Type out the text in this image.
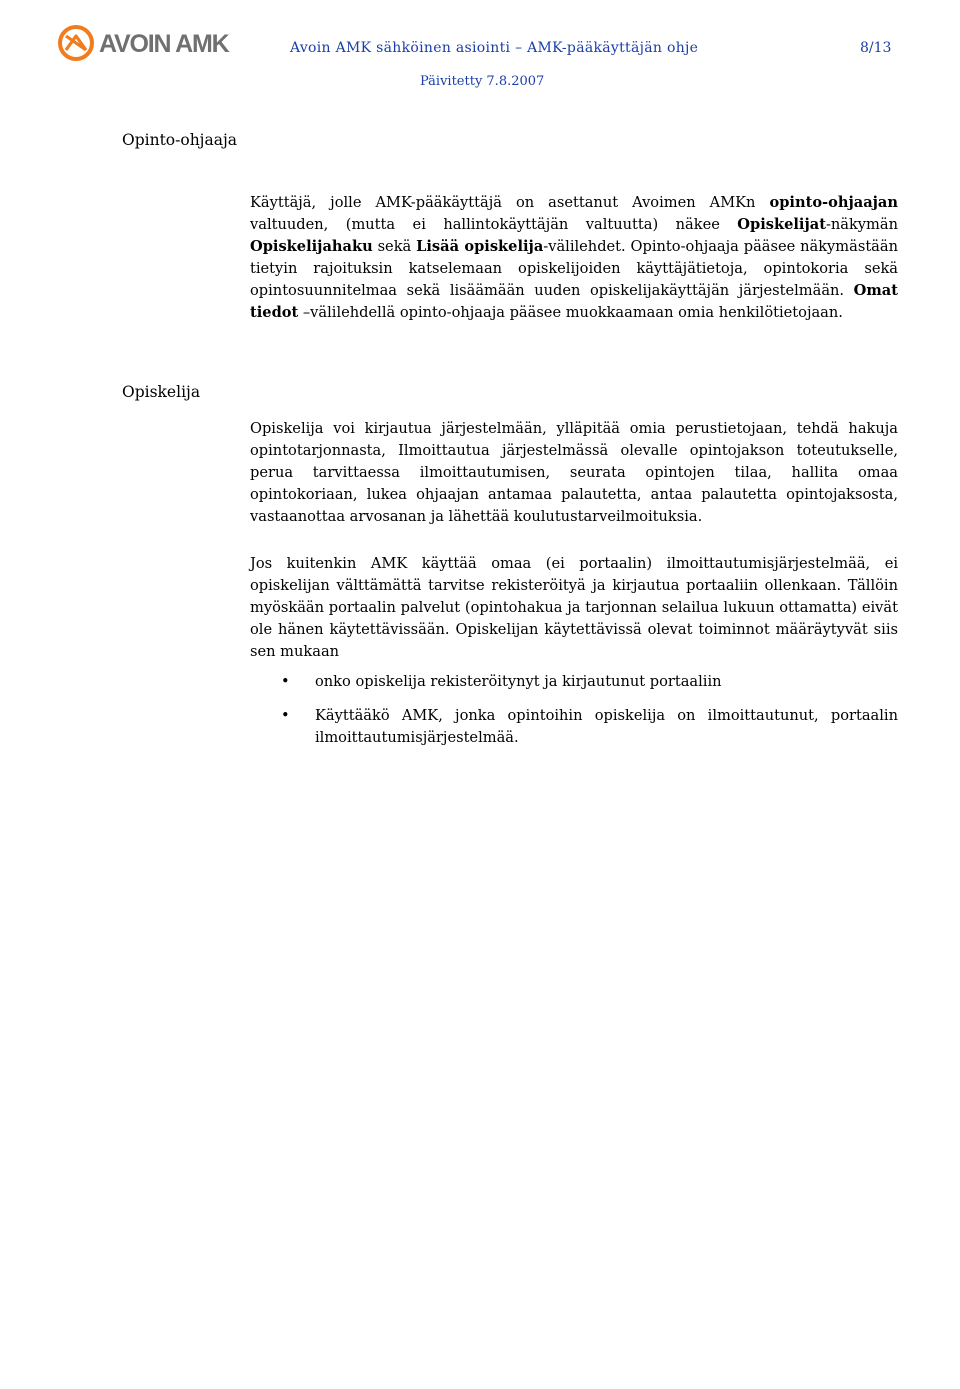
AVOIN AMK	Avoin AMK sähköinen asiointi – AMK-pääkäyttäjän ohje	8/13
Päivitetty 7.8.2007
Opinto-ohjaaja

Käyttäjä, jolle AMK-pääkäyttäjä on asettanut Avoimen AMKn opinto-ohjaajan valtuuden, (mutta ei hallintokäyttäjän valtuutta) näkee Opiskelijat-näkymän Opiskelijahaku sekä Lisää opiskelija-välilehdet. Opinto-ohjaaja pääsee näkymästään tietyin rajoituksin katselemaan opiskelijoiden käyttäjätietoja, opintokoria sekä opintosuunnitelmaa sekä lisäämään uuden opiskelijakäyttäjän järjestelmään. Omat tiedot –välilehdellä opinto-ohjaaja pääsee muokkaamaan omia henkilötietojaan.

Opiskelija

Opiskelija voi kirjautua järjestelmään, ylläpitää omia perustietojaan, tehdä hakuja opintotarjonnasta, Ilmoittautua järjestelmässä olevalle opintojakson toteutukselle, perua tarvittaessa ilmoittautumisen, seurata opintojen tilaa, hallita omaa opintokoriaan, lukea ohjaajan antamaa palautetta, antaa palautetta opintojaksosta, vastaanottaa arvosanan ja lähettää koulutustarveilmoituksia.

Jos kuitenkin AMK käyttää omaa (ei portaalin) ilmoittautumisjärjestelmää, ei opiskelijan välttämättä tarvitse rekisteröityä ja kirjautua portaaliin ollenkaan. Tällöin myöskään portaalin palvelut (opintohakua ja tarjonnan selailua lukuun ottamatta) eivät ole hänen käytettävissään. Opiskelijan käytettävissä olevat toiminnot määräytyvät siis sen mukaan

• onko opiskelija rekisteröitynyt ja kirjautunut portaaliin
• Käyttääkö AMK, jonka opintoihin opiskelija on ilmoittautunut, portaalin ilmoittautumisjärjestelmää.
